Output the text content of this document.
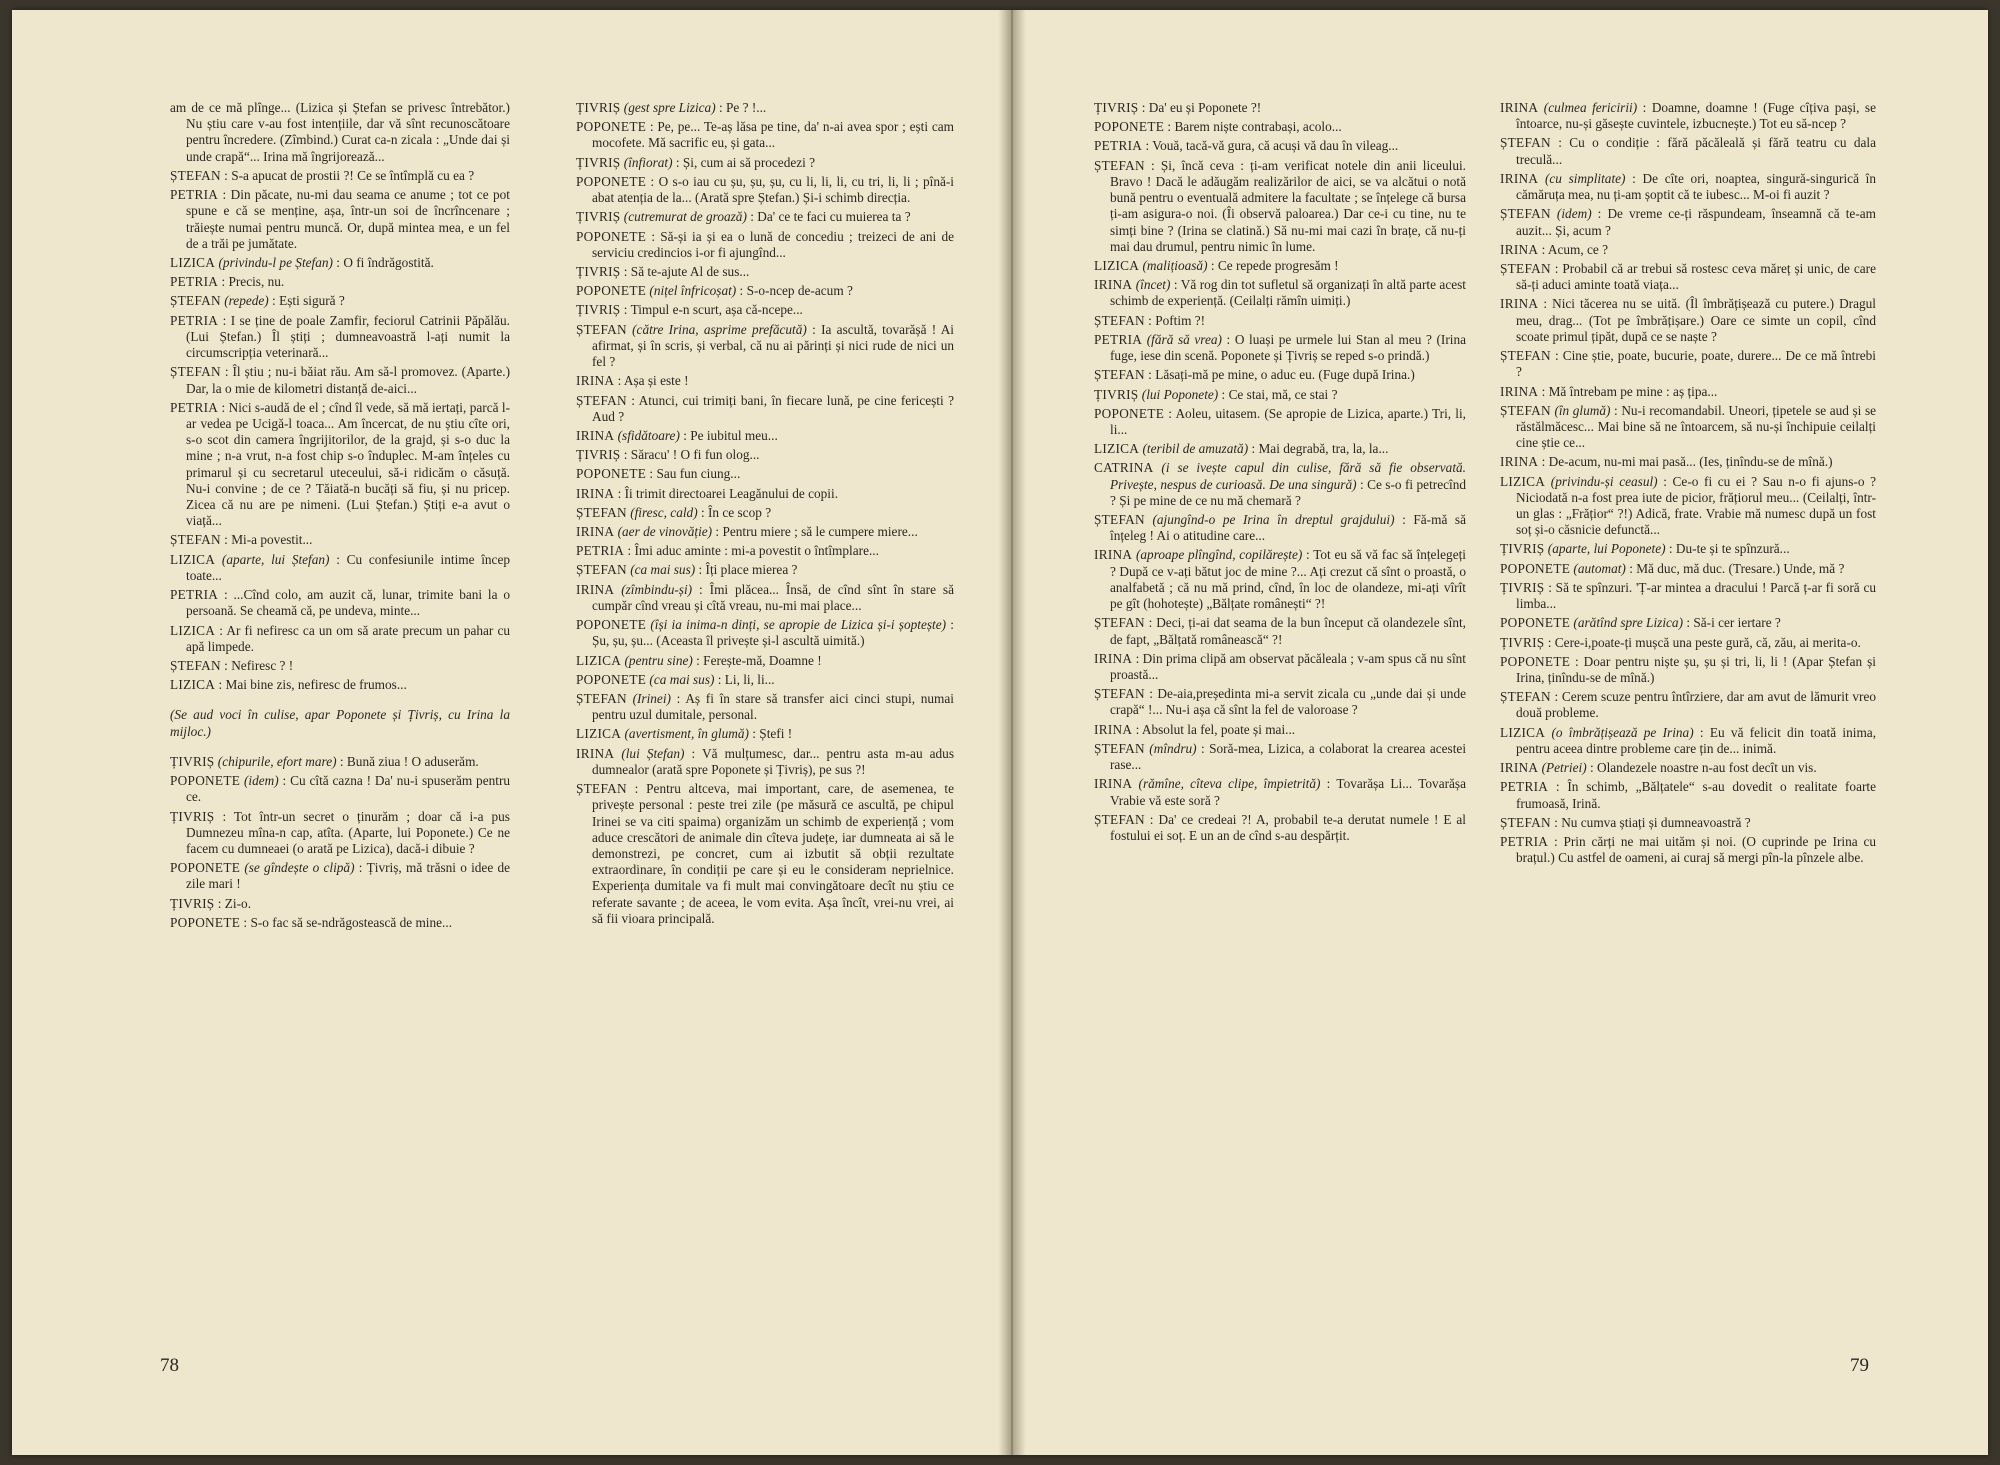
am de ce mă plînge... (Lizica și Ștefan se privesc întrebător.) Nu știu care v-au fost intențiile, dar vă sînt recunoscătoare pentru încredere. (Zîmbind.) Curat ca-n zicala : „Unde dai și unde crapă“... Irina mă îngrijorează...

ȘTEFAN : S-a apucat de prostii ?! Ce se întîmplă cu ea ?

PETRIA : Din păcate, nu-mi dau seama ce anume ; tot ce pot spune e că se menține, așa, într-un soi de încrîncenare ; trăiește numai pentru muncă. Or, după mintea mea, e un fel de a trăi pe jumătate.

LIZICA (privindu-l pe Ștefan) : O fi îndrăgostită.

PETRIA : Precis, nu.

ȘTEFAN (repede) : Ești sigură ?

PETRIA : I se ține de poale Zamfir, feciorul Catrinii Păpălău. (Lui Ștefan.) Îl știți ; dumneavoastră l-ați numit la circumscripția veterinară...

ȘTEFAN : Îl știu ; nu-i băiat rău. Am să-l promovez. (Aparte.) Dar, la o mie de kilometri distanță de-aici...

PETRIA : Nici s-audă de el ; cînd îl vede, să mă iertați, parcă l-ar vedea pe Ucigă-l toaca... Am încercat, de nu știu cîte ori, s-o scot din camera îngrijitorilor, de la grajd, și s-o duc la mine ; n-a vrut, n-a fost chip s-o înduplec. M-am înțeles cu primarul și cu secretarul uteceului, să-i ridicăm o căsuță. Nu-i convine ; de ce ? Tăiată-n bucăți să fiu, și nu pricep. Zicea că nu are pe nimeni. (Lui Ștefan.) Știți e-a avut o viață...

ȘTEFAN : Mi-a povestit...

LIZICA (aparte, lui Ștefan) : Cu confesiunile intime încep toate...

PETRIA : ...Cînd colo, am auzit că, lunar, trimite bani la o persoană. Se cheamă că, pe undeva, minte...

LIZICA : Ar fi nefiresc ca un om să arate precum un pahar cu apă limpede.

ȘTEFAN : Nefiresc ? !

LIZICA : Mai bine zis, nefiresc de frumos...

(Se aud voci în culise, apar Poponete și Țivriș, cu Irina la mijloc.)

ȚIVRIȘ (chipurile, efort mare) : Bună ziua ! O aduserăm.

POPONETE (idem) : Cu cîtă cazna ! Da' nu-i spuserăm pentru ce.

ȚIVRIȘ : Tot într-un secret o ținurăm ; doar că i-a pus Dumnezeu mîna-n cap, atîta. (Aparte, lui Poponete.) Ce ne facem cu dumneaei (o arată pe Lizica), dacă-i dibuie ?

POPONETE (se gîndește o clipă) : Țivriș, mă trăsni o idee de zile mari !

ȚIVRIȘ : Zi-o.

POPONETE : S-o fac să se-ndrăgostească de mine...

ȚIVRIȘ (gest spre Lizica) : Pe ? !...

POPONETE : Pe, pe... Te-aș lăsa pe tine, da' n-ai avea spor ; ești cam mocofete. Mă sacrific eu, și gata...

ȚIVRIȘ (înfiorat) : Și, cum ai să procedezi ?

POPONETE : O s-o iau cu șu, șu, șu, cu li, li, li, cu tri, li, li ; pînă-i abat atenția de la... (Arată spre Ștefan.) Și-i schimb direcția.

ȚIVRIȘ (cutremurat de groază) : Da' ce te faci cu muierea ta ?

POPONETE : Să-și ia și ea o lună de concediu ; treizeci de ani de serviciu credincios i-or fi ajungînd...

ȚIVRIȘ : Să te-ajute Al de sus...

POPONETE (nițel înfricoșat) : S-o-ncep de-acum ?

ȚIVRIȘ : Timpul e-n scurt, așa că-ncepe...

ȘTEFAN (către Irina, asprime prefăcută) : Ia ascultă, tovarășă ! Ai afirmat, și în scris, și verbal, că nu ai părinți și nici rude de nici un fel ?

IRINA : Așa și este !

ȘTEFAN : Atunci, cui trimiți bani, în fiecare lună, pe cine fericești ? Aud ?

IRINA (sfidătoare) : Pe iubitul meu...

ȚIVRIȘ : Săracu' ! O fi fun olog...

POPONETE : Sau fun ciung...

IRINA : Îi trimit directoarei Leagănului de copii.

ȘTEFAN (firesc, cald) : În ce scop ?

IRINA (aer de vinovăție) : Pentru miere ; să le cumpere miere...

PETRIA : Îmi aduc aminte : mi-a povestit o întîmplare...

ȘTEFAN (ca mai sus) : Îți place mierea ?

IRINA (zîmbindu-și) : Îmi plăcea... Însă, de cînd sînt în stare să cumpăr cînd vreau și cîtă vreau, nu-mi mai place...

POPONETE (își ia inima-n dinți, se apropie de Lizica și-i șoptește) : Șu, șu, șu... (Aceasta îl privește și-l ascultă uimită.)

LIZICA (pentru sine) : Ferește-mă, Doamne !

POPONETE (ca mai sus) : Li, li, li...

ȘTEFAN (Irinei) : Aș fi în stare să transfer aici cinci stupi, numai pentru uzul dumitale, personal.

LIZICA (avertisment, în glumă) : Ștefi !

IRINA (lui Ștefan) : Vă mulțumesc, dar... pentru asta m-au adus dumnealor (arată spre Poponete și Țivriș), pe sus ?!

ȘTEFAN : Pentru altceva, mai important, care, de asemenea, te privește personal : peste trei zile (pe măsură ce ascultă, pe chipul Irinei se va citi spaima) organizăm un schimb de experiență ; vom aduce crescători de animale din cîteva județe, iar dumneata ai să le demonstrezi, pe concret, cum ai izbutit să obții rezultate extraordinare, în condiții pe care și eu le consideram neprielnice. Experiența dumitale va fi mult mai convingătoare decît nu știu ce referate savante ; de aceea, le vom evita. Așa încît, vrei-nu vrei, ai să fii vioara principală.

78

ȚIVRIȘ : Da' eu și Poponete ?!

POPONETE : Barem niște contrabași, acolo...

PETRIA : Vouă, tacă-vă gura, că acuși vă dau în vileag...

ȘTEFAN : Și, încă ceva : ți-am verificat notele din anii liceului. Bravo ! Dacă le adăugăm realizărilor de aici, se va alcătui o notă bună pentru o eventuală admitere la facultate ; se înțelege că bursa ți-am asigura-o noi. (Îi observă paloarea.) Dar ce-i cu tine, nu te simți bine ? (Irina se clatină.) Să nu-mi mai cazi în brațe, că nu-ți mai dau drumul, pentru nimic în lume.

LIZICA (malițioasă) : Ce repede progresăm !

IRINA (încet) : Vă rog din tot sufletul să organizați în altă parte acest schimb de experiență. (Ceilalți rămîn uimiți.)

ȘTEFAN : Poftim ?!

PETRIA (fără să vrea) : O luași pe urmele lui Stan al meu ? (Irina fuge, iese din scenă. Poponete și Țivriș se reped s-o prindă.)

ȘTEFAN : Lăsați-mă pe mine, o aduc eu. (Fuge după Irina.)

ȚIVRIȘ (lui Poponete) : Ce stai, mă, ce stai ?

POPONETE : Aoleu, uitasem. (Se apropie de Lizica, aparte.) Tri, li, li...

LIZICA (teribil de amuzată) : Mai degrabă, tra, la, la...

CATRINA (i se ivește capul din culise, fără să fie observată. Privește, nespus de curioasă. De una singură) : Ce s-o fi petrecînd ? Și pe mine de ce nu mă chemară ?

ȘTEFAN (ajungînd-o pe Irina în dreptul grajdului) : Fă-mă să înțeleg ! Ai o atitudine care...

IRINA (aproape plîngînd, copilărește) : Tot eu să vă fac să înțelegeți ? După ce v-ați bătut joc de mine ?... Ați crezut că sînt o proastă, o analfabetă ; că nu mă prind, cînd, în loc de olandeze, mi-ați vîrît pe gît (hohotește) „Bălțate românești“ ?!

ȘTEFAN : Deci, ți-ai dat seama de la bun început că olandezele sînt, de fapt, „Bălțată românească“ ?!

IRINA : Din prima clipă am observat păcăleala ; v-am spus că nu sînt proastă...

ȘTEFAN : De-aia,președinta mi-a servit zicala cu „unde dai și unde crapă“ !... Nu-i așa că sînt la fel de valoroase ?

IRINA : Absolut la fel, poate și mai...

ȘTEFAN (mîndru) : Soră-mea, Lizica, a colaborat la crearea acestei rase...

IRINA (rămîne, cîteva clipe, împietrită) : Tovarășa Li... Tovarășa Vrabie vă este soră ?

ȘTEFAN : Da' ce credeai ?! A, probabil te-a derutat numele ! E al fostului ei soț. E un an de cînd s-au despărțit.

IRINA (culmea fericirii) : Doamne, doamne ! (Fuge cîțiva pași, se întoarce, nu-și găsește cuvintele, izbucnește.) Tot eu să-ncep ?

ȘTEFAN : Cu o condiție : fără păcăleală și fără teatru cu dala treculă...

IRINA (cu simplitate) : De cîte ori, noaptea, singură-singurică în cămăruța mea, nu ți-am șoptit că te iubesc... M-oi fi auzit ?

ȘTEFAN (idem) : De vreme ce-ți răspundeam, înseamnă că te-am auzit... Și, acum ?

IRINA : Acum, ce ?

ȘTEFAN : Probabil că ar trebui să rostesc ceva măreț și unic, de care să-ți aduci aminte toată viața...

IRINA : Nici tăcerea nu se uită. (Îl îmbrățișează cu putere.) Dragul meu, drag... (Tot pe îmbrățișare.) Oare ce simte un copil, cînd scoate primul țipăt, după ce se naște ?

ȘTEFAN : Cine știe, poate, bucurie, poate, durere... De ce mă întrebi ?

IRINA : Mă întrebam pe mine : aș țipa...

ȘTEFAN (în glumă) : Nu-i recomandabil. Uneori, țipetele se aud și se răstălmăcesc... Mai bine să ne întoarcem, să nu-și închipuie ceilalți cine știe ce...

IRINA : De-acum, nu-mi mai pasă... (Ies, ținîndu-se de mînă.)

LIZICA (privindu-și ceasul) : Ce-o fi cu ei ? Sau n-o fi ajuns-o ? Niciodată n-a fost prea iute de picior, frățiorul meu... (Ceilalți, într-un glas : „Frățior“ ?!) Adică, frate. Vrabie mă numesc după un fost soț și-o căsnicie defunctă...

ȚIVRIȘ (aparte, lui Poponete) : Du-te și te spînzură...

POPONETE (automat) : Mă duc, mă duc. (Tresare.) Unde, mă ?

ȚIVRIȘ : Să te spînzuri. 'Ț-ar mintea a dracului ! Parcă ț-ar fi soră cu limba...

POPONETE (arătînd spre Lizica) : Să-i cer iertare ?

ȚIVRIȘ : Cere-i,poate-ți mușcă una peste gură, că, zău, ai merita-o.

POPONETE : Doar pentru niște șu, șu și tri, li, li ! (Apar Ștefan și Irina, ținîndu-se de mînă.)

ȘTEFAN : Cerem scuze pentru întîrziere, dar am avut de lămurit vreo două probleme.

LIZICA (o îmbrățișează pe Irina) : Eu vă felicit din toată inima, pentru aceea dintre probleme care țin de... inimă.

IRINA (Petriei) : Olandezele noastre n-au fost decît un vis.

PETRIA : În schimb, „Bălțatele“ s-au dovedit o realitate foarte frumoasă, Irină.

ȘTEFAN : Nu cumva știați și dumneavoastră ?

PETRIA : Prin cărți ne mai uităm și noi. (O cuprinde pe Irina cu brațul.) Cu astfel de oameni, ai curaj să mergi pîn-la pînzele albe.

79
